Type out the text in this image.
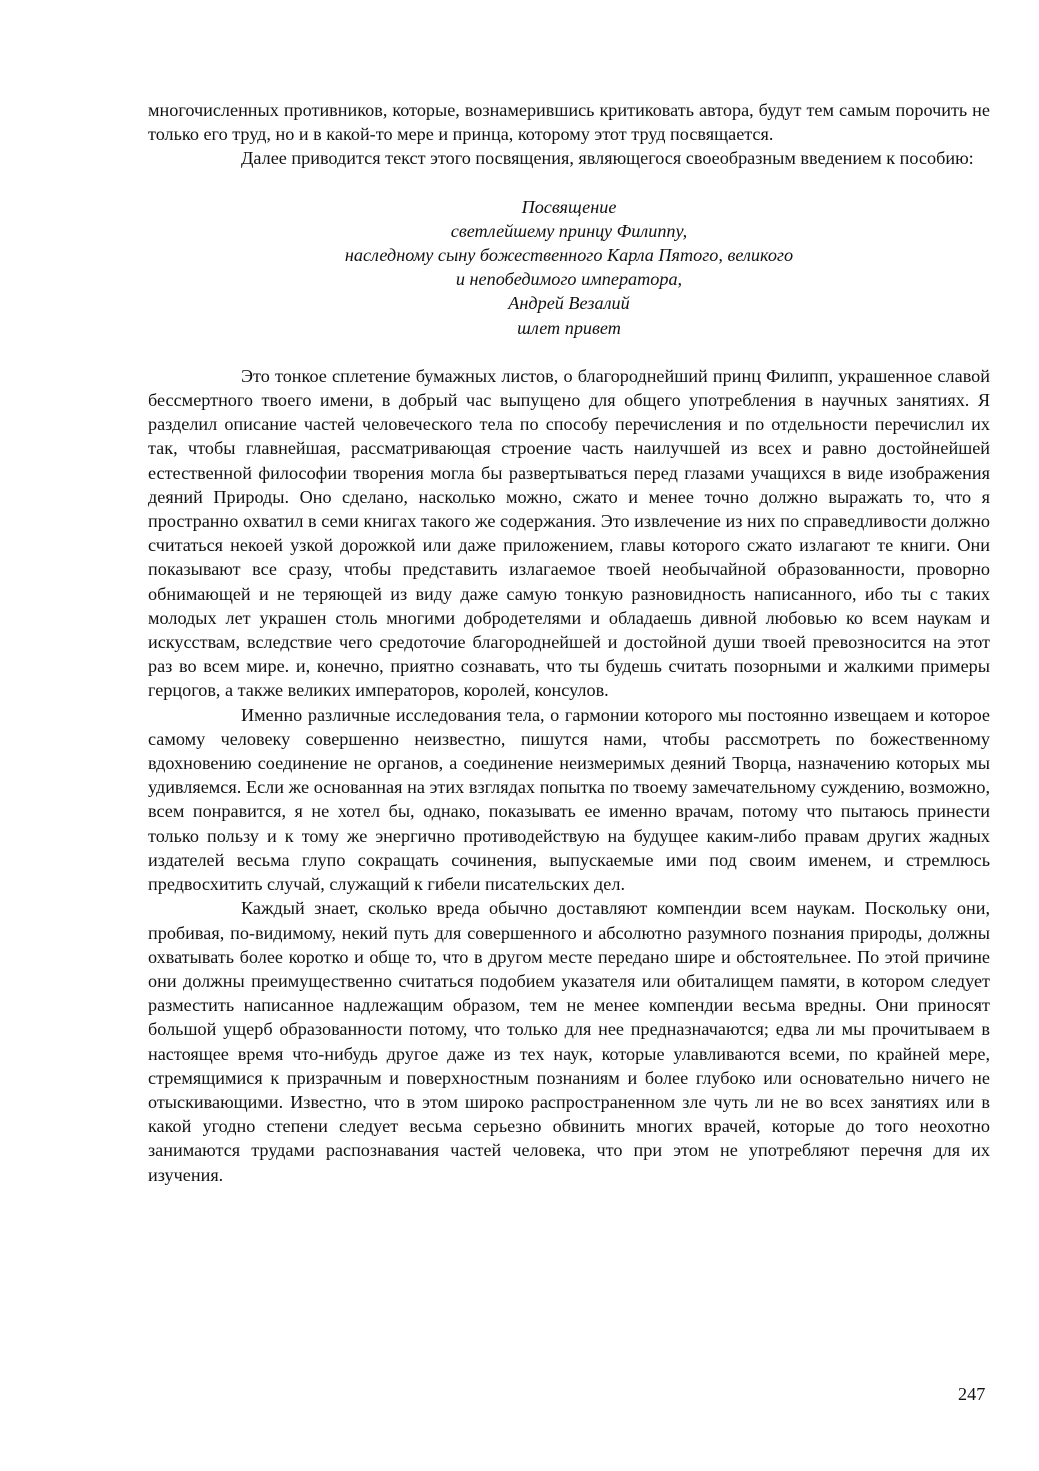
многочисленных противников, которые, вознамерившись критиковать автора, будут тем самым порочить не только его труд, но и в какой-то мере и принца, которому этот труд посвящается.

Далее приводится текст этого посвящения, являющегося своеобразным введением к пособию:

Посвящение
светлейшему принцу Филиппу,
наследному сыну божественного Карла Пятого, великого
и непобедимого императора,
Андрей Везалий
шлет привет

Это тонкое сплетение бумажных листов, о благороднейший принц Филипп, украшенное славой бессмертного твоего имени, в добрый час выпущено для общего употребления в научных занятиях. Я разделил описание частей человеческого тела по способу перечисления и по отдельности перечислил их так, чтобы главнейшая, рассматривающая строение часть наилучшей из всех и равно достойнейшей естественной философии творения могла бы развертываться перед глазами учащихся в виде изображения деяний Природы. Оно сделано, насколько можно, сжато и менее точно должно выражать то, что я пространно охватил в семи книгах такого же содержания. Это извлечение из них по справедливости должно считаться некоей узкой дорожкой или даже приложением, главы которого сжато излагают те книги. Они показывают все сразу, чтобы представить излагаемое твоей необычайной образованности, проворно обнимающей и не теряющей из виду даже самую тонкую разновидность написанного, ибо ты с таких молодых лет украшен столь многими добродетелями и обладаешь дивной любовью ко всем наукам и искусствам, вследствие чего средоточие благороднейшей и достойной души твоей превозносится на этот раз во всем мире. и, конечно, приятно сознавать, что ты будешь считать позорными и жалкими примеры герцогов, а также великих императоров, королей, консулов.

Именно различные исследования тела, о гармонии которого мы постоянно извещаем и которое самому человеку совершенно неизвестно, пишутся нами, чтобы рассмотреть по божественному вдохновению соединение не органов, а соединение неизмеримых деяний Творца, назначению которых мы удивляемся. Если же основанная на этих взглядах попытка по твоему замечательному суждению, возможно, всем понравится, я не хотел бы, однако, показывать ее именно врачам, потому что пытаюсь принести только пользу и к тому же энергично противодействую на будущее каким-либо правам других жадных издателей весьма глупо сокращать сочинения, выпускаемые ими под своим именем, и стремлюсь предвосхитить случай, служащий к гибели писательских дел.

Каждый знает, сколько вреда обычно доставляют компендии всем наукам. Поскольку они, пробивая, по-видимому, некий путь для совершенного и абсолютно разумного познания природы, должны охватывать более коротко и обще то, что в другом месте передано шире и обстоятельнее. По этой причине они должны преимущественно считаться подобием указателя или обиталищем памяти, в котором следует разместить написанное надлежащим образом, тем не менее компендии весьма вредны. Они приносят большой ущерб образованности потому, что только для нее предназначаются; едва ли мы прочитываем в настоящее время что-нибудь другое даже из тех наук, которые улавливаются всеми, по крайней мере, стремящимися к призрачным и поверхностным познаниям и более глубоко или основательно ничего не отыскивающими. Известно, что в этом широко распространенном зле чуть ли не во всех занятиях или в какой угодно степени следует весьма серьезно обвинить многих врачей, которые до того неохотно занимаются трудами распознавания частей человека, что при этом не употребляют перечня для их изучения.

247
